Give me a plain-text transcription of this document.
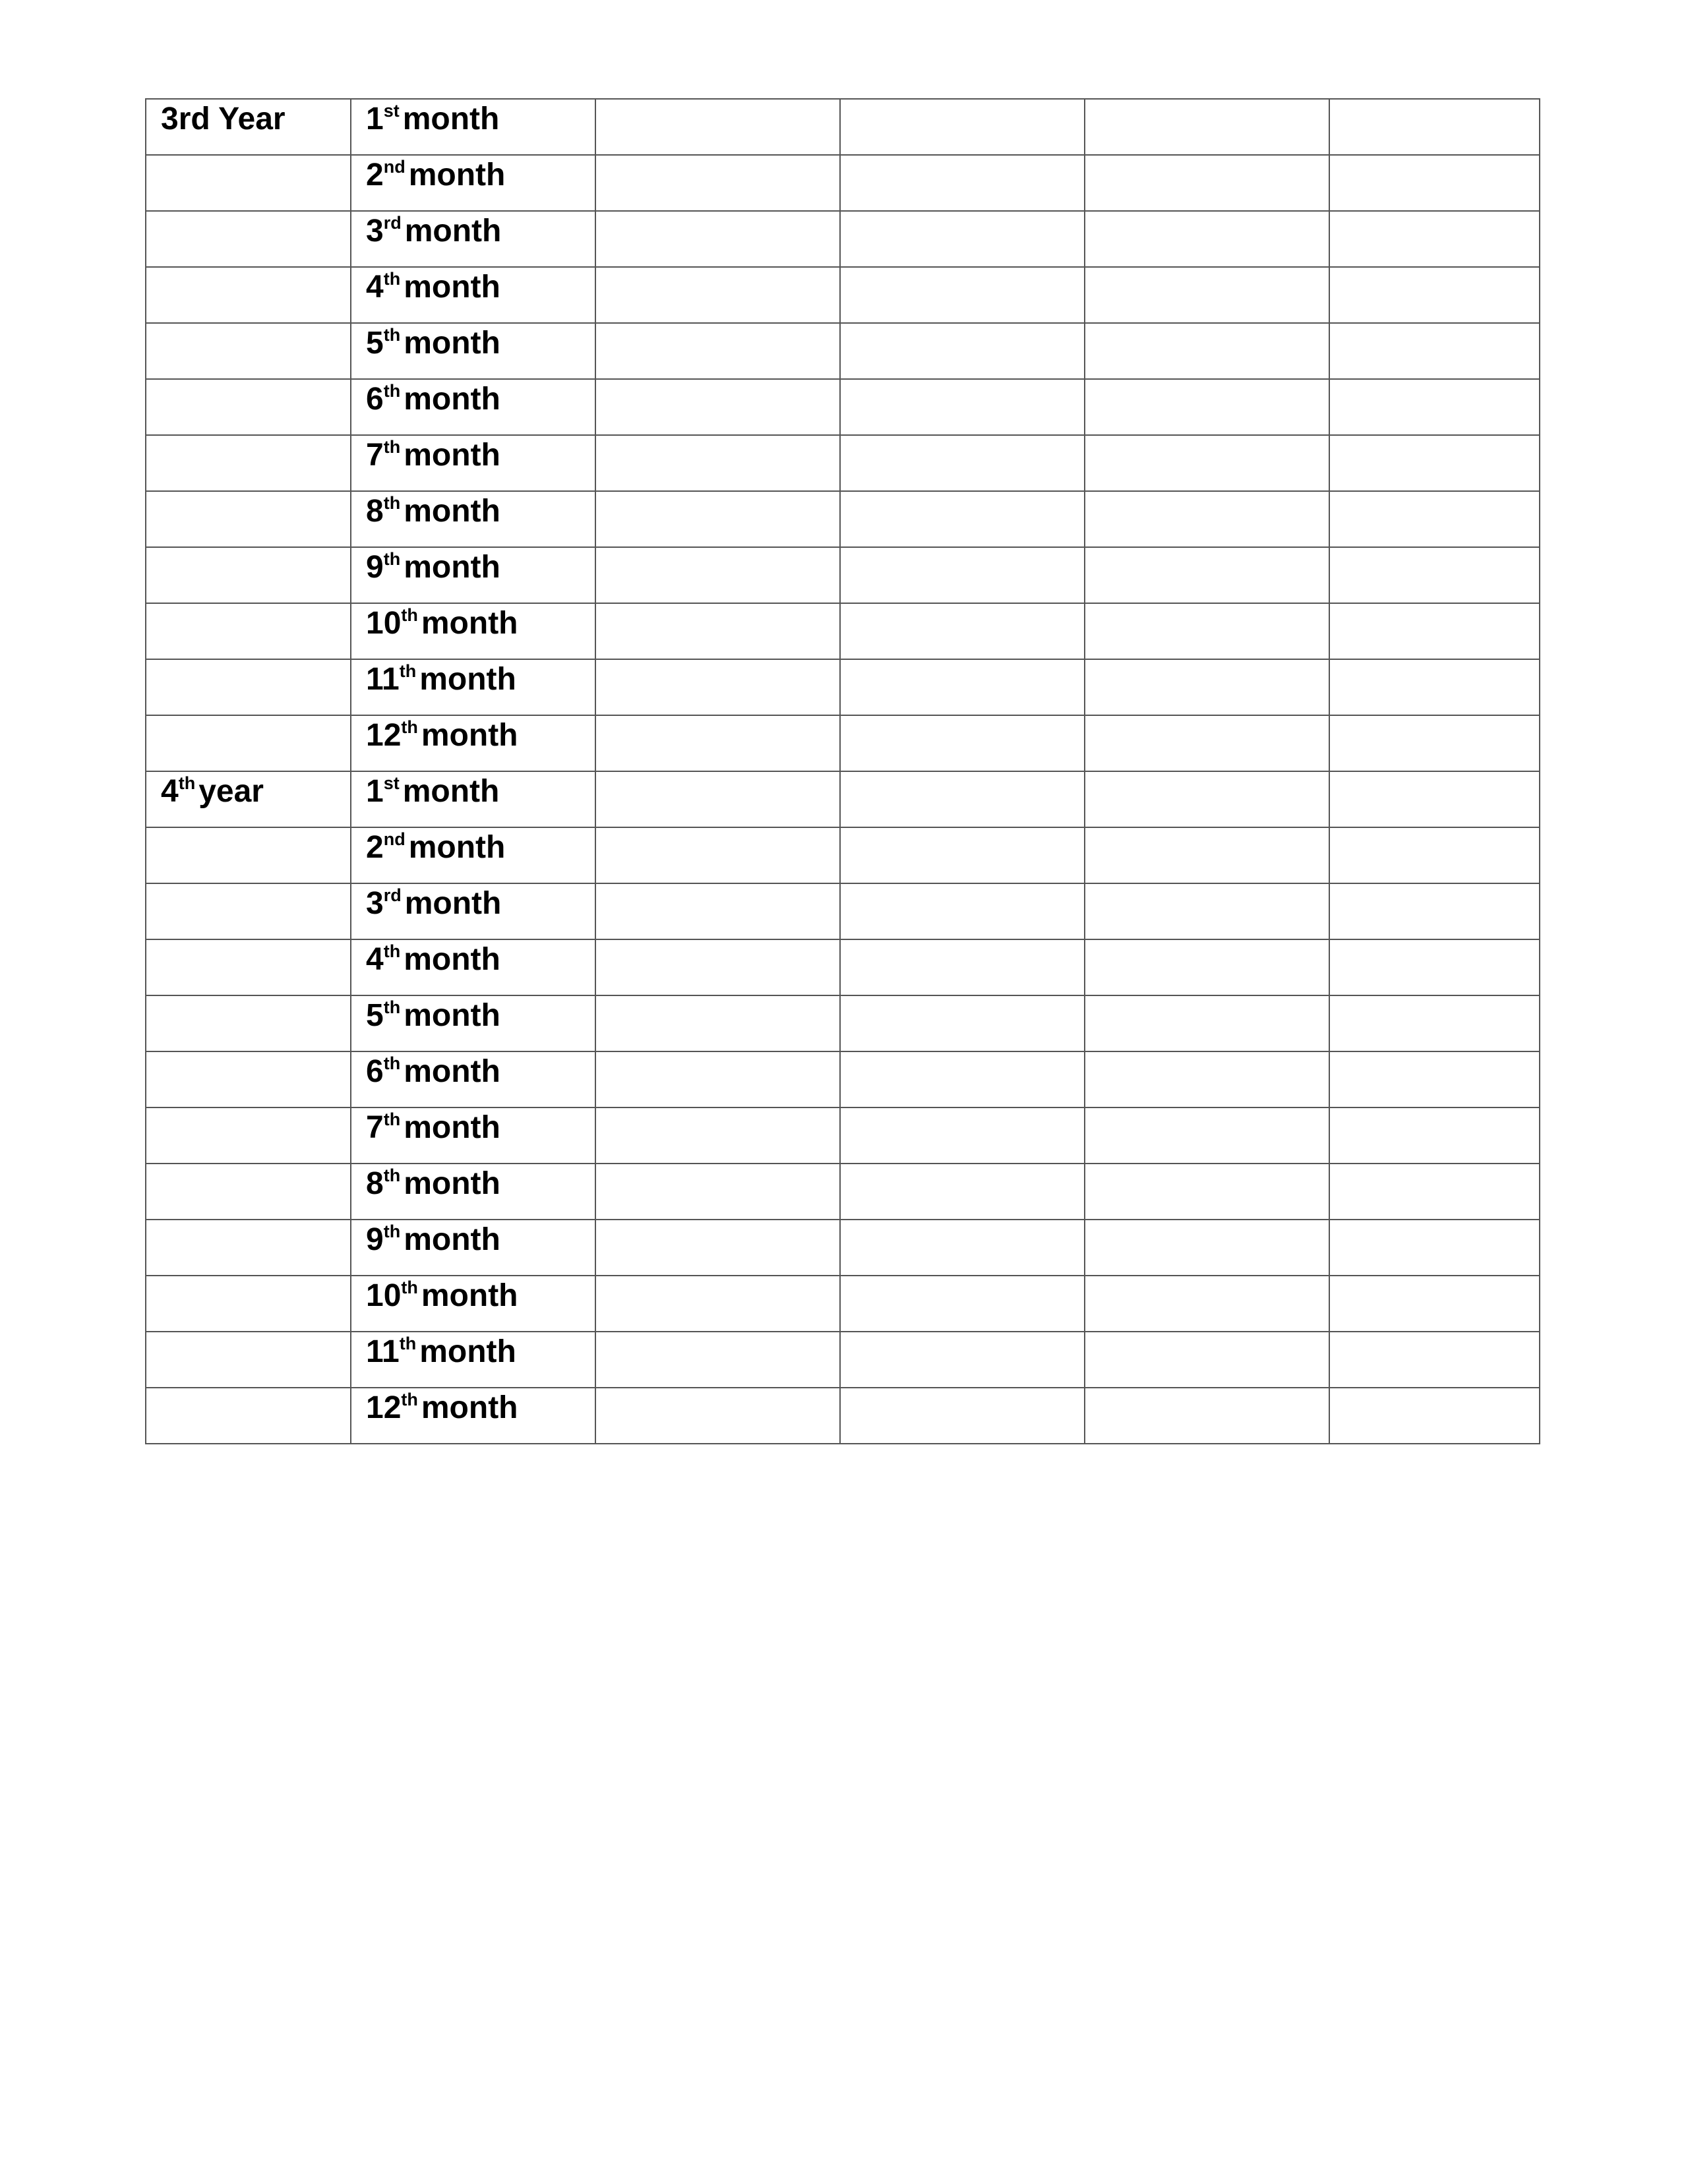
3rd Year	1st month				
	2nd month				
	3rd month				
	4th month				
	5th month				
	6th month				
	7th month				
	8th month				
	9th month				
	10th month				
	11th month				
	12th month				
4th year	1st month				
	2nd month				
	3rd month				
	4th month				
	5th month				
	6th month				
	7th month				
	8th month				
	9th month				
	10th month				
	11th month				
	12th month				
